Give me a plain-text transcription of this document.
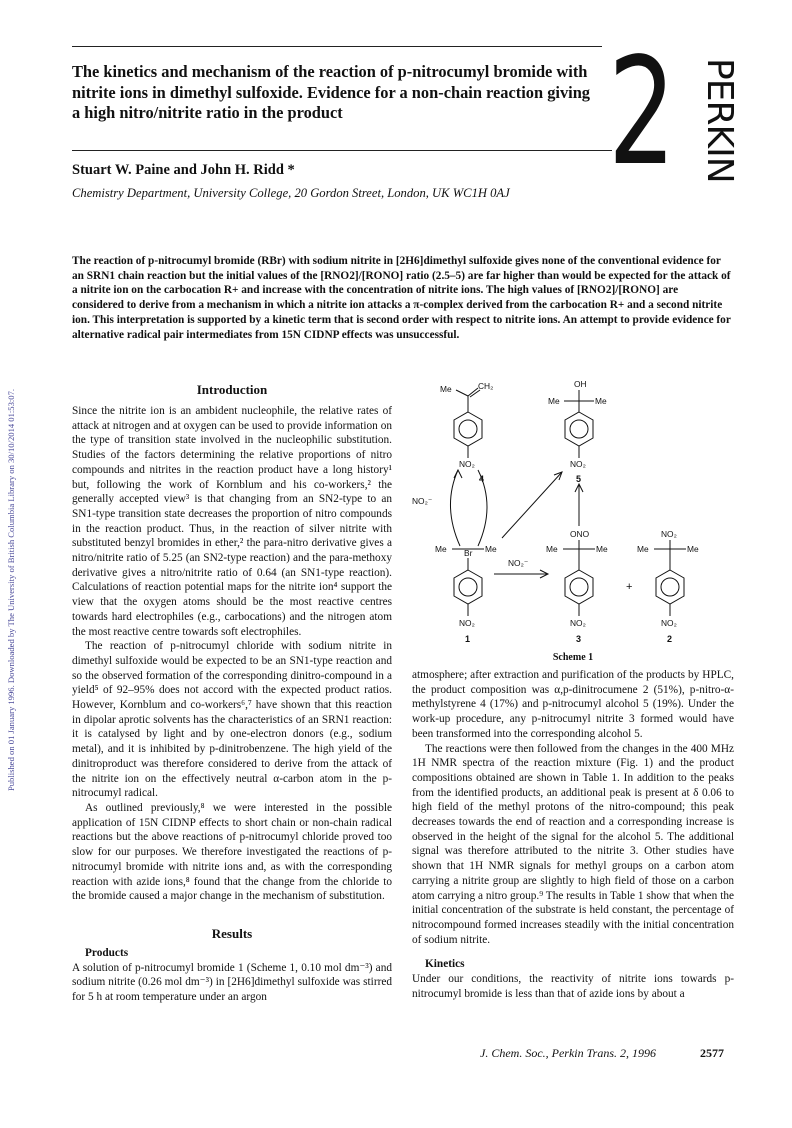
Published on 01 January 1996. Downloaded by The University of British Columbia Library on 30/10/2014 01:53:07.
2 PERKIN
The kinetics and mechanism of the reaction of p-nitrocumyl bromide with nitrite ions in dimethyl sulfoxide. Evidence for a non-chain reaction giving a high nitro/nitrite ratio in the product
Stuart W. Paine and John H. Ridd *
Chemistry Department, University College, 20 Gordon Street, London, UK WC1H 0AJ
The reaction of p-nitrocumyl bromide (RBr) with sodium nitrite in [2H6]dimethyl sulfoxide gives none of the conventional evidence for an SRN1 chain reaction but the initial values of the [RNO2]/[RONO] ratio (2.5–5) are far higher than would be expected for the attack of a nitrite ion on the carbocation R+ and increase with the concentration of nitrite ions. The high values of [RNO2]/[RONO] are considered to derive from a mechanism in which a nitrite ion attacks a π-complex derived from the carbocation R+ and a second nitrite ion. This interpretation is supported by a kinetic term that is second order with respect to nitrite ions. An attempt to provide evidence for alternative radical pair intermediates from 15N CIDNP effects was unsuccessful.
Introduction

Since the nitrite ion is an ambident nucleophile, the relative rates of attack at nitrogen and at oxygen can be used to provide information on the type of transition state involved in the nucleophilic substitution. Studies of the factors determining the relative proportions of nitro compounds and nitrites in the reaction product have a long history¹ but, following the work of Kornblum and his co-workers,² the generally accepted view³ is that changing from an SN2-type to an SN1-type transition state decreases the proportion of nitro compounds in the reaction product. Thus, in the reaction of silver nitrite with substituted benzyl bromides in ether,² the para-nitro derivative gives a nitro/nitrite ratio of 5.25 (an SN2-type reaction) and the para-methoxy derivative gives a nitro/nitrite ratio of 0.64 (an SN1-type reaction). Calculations of reaction potential maps for the nitrite ion⁴ support the view that the oxygen atoms should be the most reactive centres towards hard electrophiles (e.g., carbocations) and the nitrogen atom the most reactive centre towards soft electrophiles.

The reaction of p-nitrocumyl chloride with sodium nitrite in dimethyl sulfoxide would be expected to be an SN1-type reaction and so the observed formation of the corresponding dinitro-compound in a yield⁵ of 92–95% does not accord with the expected product ratios. However, Kornblum and co-workers⁶,⁷ have shown that this reaction in dipolar aprotic solvents has the characteristics of an SRN1 reaction: it is catalysed by light and by one-electron donors (e.g., sodium metal), and it is inhibited by p-dinitrobenzene. The high yield of the dinitroproduct was therefore considered to derive from the attack of the nitrite ion on the effectively neutral α-carbon atom in the p-nitrocumyl radical.

As outlined previously,⁸ we were interested in the possible application of 15N CIDNP effects to short chain or non-chain radical reactions but the above reactions of p-nitrocumyl chloride proved too slow for our purposes. We therefore investigated the reactions of p-nitrocumyl bromide with nitrite ions and, as with the corresponding reaction with azide ions,⁸ found that the change from the chloride to the bromide caused a major change in the mechanism of substitution.

Results

Products

A solution of p-nitrocumyl bromide 1 (Scheme 1, 0.10 mol dm⁻³) and sodium nitrite (0.26 mol dm⁻³) in [2H6]dimethyl sulfoxide was stirred for 5 h at room temperature under an argon

Me	CH₂
NO₂
4
OH
Me	Me
NO₂
5
NO₂⁻
Br
Me	Me
NO₂
1
NO₂⁻
ONO
Me	Me
NO₂
3
+
NO₂
Me	Me
NO₂
2
Scheme 1

atmosphere; after extraction and purification of the products by HPLC, the product composition was α,p-dinitrocumene 2 (51%), p-nitro-α-methylstyrene 4 (17%) and p-nitrocumyl alcohol 5 (19%). Under the work-up procedure, any p-nitrocumyl nitrite 3 formed would have been transformed into the corresponding alcohol 5.

The reactions were then followed from the changes in the 400 MHz 1H NMR spectra of the reaction mixture (Fig. 1) and the product compositions obtained are shown in Table 1. In addition to the peaks from the identified products, an additional peak is present at δ 0.06 to high field of the methyl protons of the nitro-compound; this peak decreases towards the end of reaction and a corresponding increase is observed in the height of the signal for the alcohol 5. The additional signal was therefore attributed to the nitrite 3. Other studies have shown that 1H NMR signals for methyl groups on a carbon atom carrying a nitrite group are slightly to high field of those on a carbon atom carrying a nitro group.⁹ The results in Table 1 show that when the initial concentration of the substrate is held constant, the percentage of nitrocompound formed increases steadily with the initial concentration of sodium nitrite.

Kinetics

Under our conditions, the reactivity of nitrite ions towards p-nitrocumyl bromide is less than that of azide ions by about a

J. Chem. Soc., Perkin Trans. 2, 1996	2577
